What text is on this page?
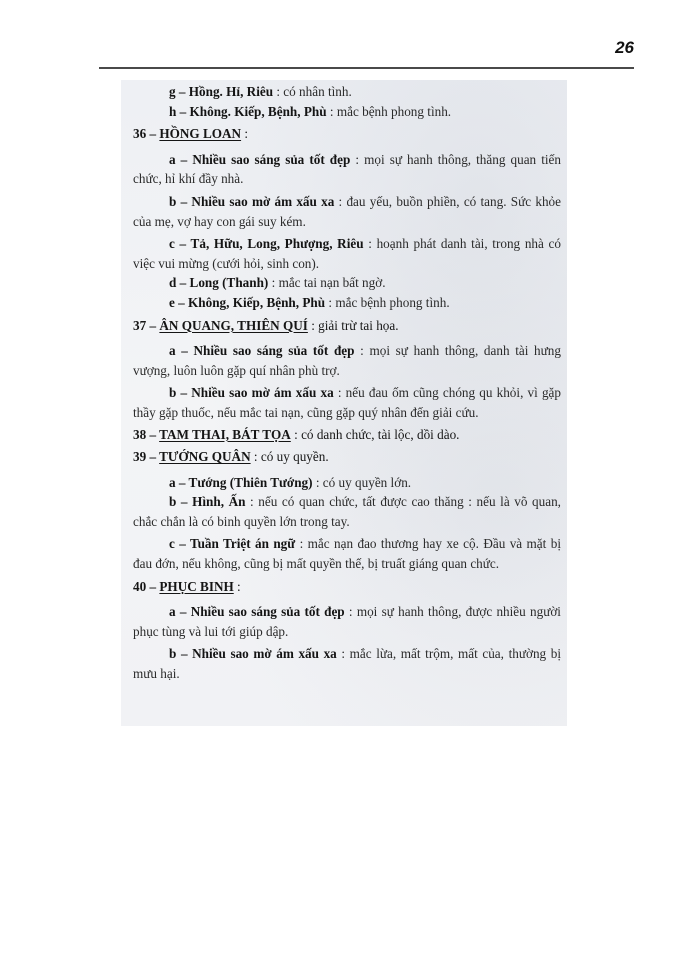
26
g – Hồng. Hỉ, Riêu : có nhân tình.
h – Không. Kiếp, Bệnh, Phù : mắc bệnh phong tình.
36 – HỒNG LOAN :
a – Nhiều sao sáng sủa tốt đẹp : mọi sự hanh thông, thăng quan tiến chức, hỉ khí đầy nhà.
b – Nhiều sao mờ ám xấu xa : đau yếu, buồn phiền, có tang. Sức khỏe của mẹ, vợ hay con gái suy kém.
c – Tả, Hữu, Long, Phượng, Riêu : hoạnh phát danh tài, trong nhà có việc vui mừng (cưới hỏi, sinh con).
d – Long (Thanh) : mắc tai nạn bất ngờ.
e – Không, Kiếp, Bệnh, Phù : mắc bệnh phong tình.
37 – ÂN QUANG, THIÊN QUÍ : giải trừ tai họa.
a – Nhiều sao sáng sủa tốt đẹp : mọi sự hanh thông, danh tài hưng vượng, luôn luôn gặp quí nhân phù trợ.
b – Nhiều sao mờ ám xấu xa : nếu đau ốm cũng chóng qu khỏi, vì gặp thầy gặp thuốc, nếu mắc tai nạn, cũng gặp quý nhân đến giải cứu.
38 – TAM THAI, BÁT TỌA : có danh chức, tài lộc, dồi dào.
39 – TƯỚNG QUÂN : có uy quyền.
a – Tướng (Thiên Tướng) : có uy quyền lớn.
b – Hình, Ấn : nếu có quan chức, tất được cao thăng : nếu là võ quan, chắc chắn là có binh quyền lớn trong tay.
c – Tuần Triệt án ngữ : mắc nạn đao thương hay xe cộ. Đầu và mặt bị đau đớn, nếu không, cũng bị mất quyền thế, bị truất giáng quan chức.
40 – PHỤC BINH :
a – Nhiều sao sáng sủa tốt đẹp : mọi sự hanh thông, được nhiều người phục tùng và lui tới giúp dập.
b – Nhiều sao mờ ám xấu xa : mắc lừa, mất trộm, mất của, thường bị mưu hại.
